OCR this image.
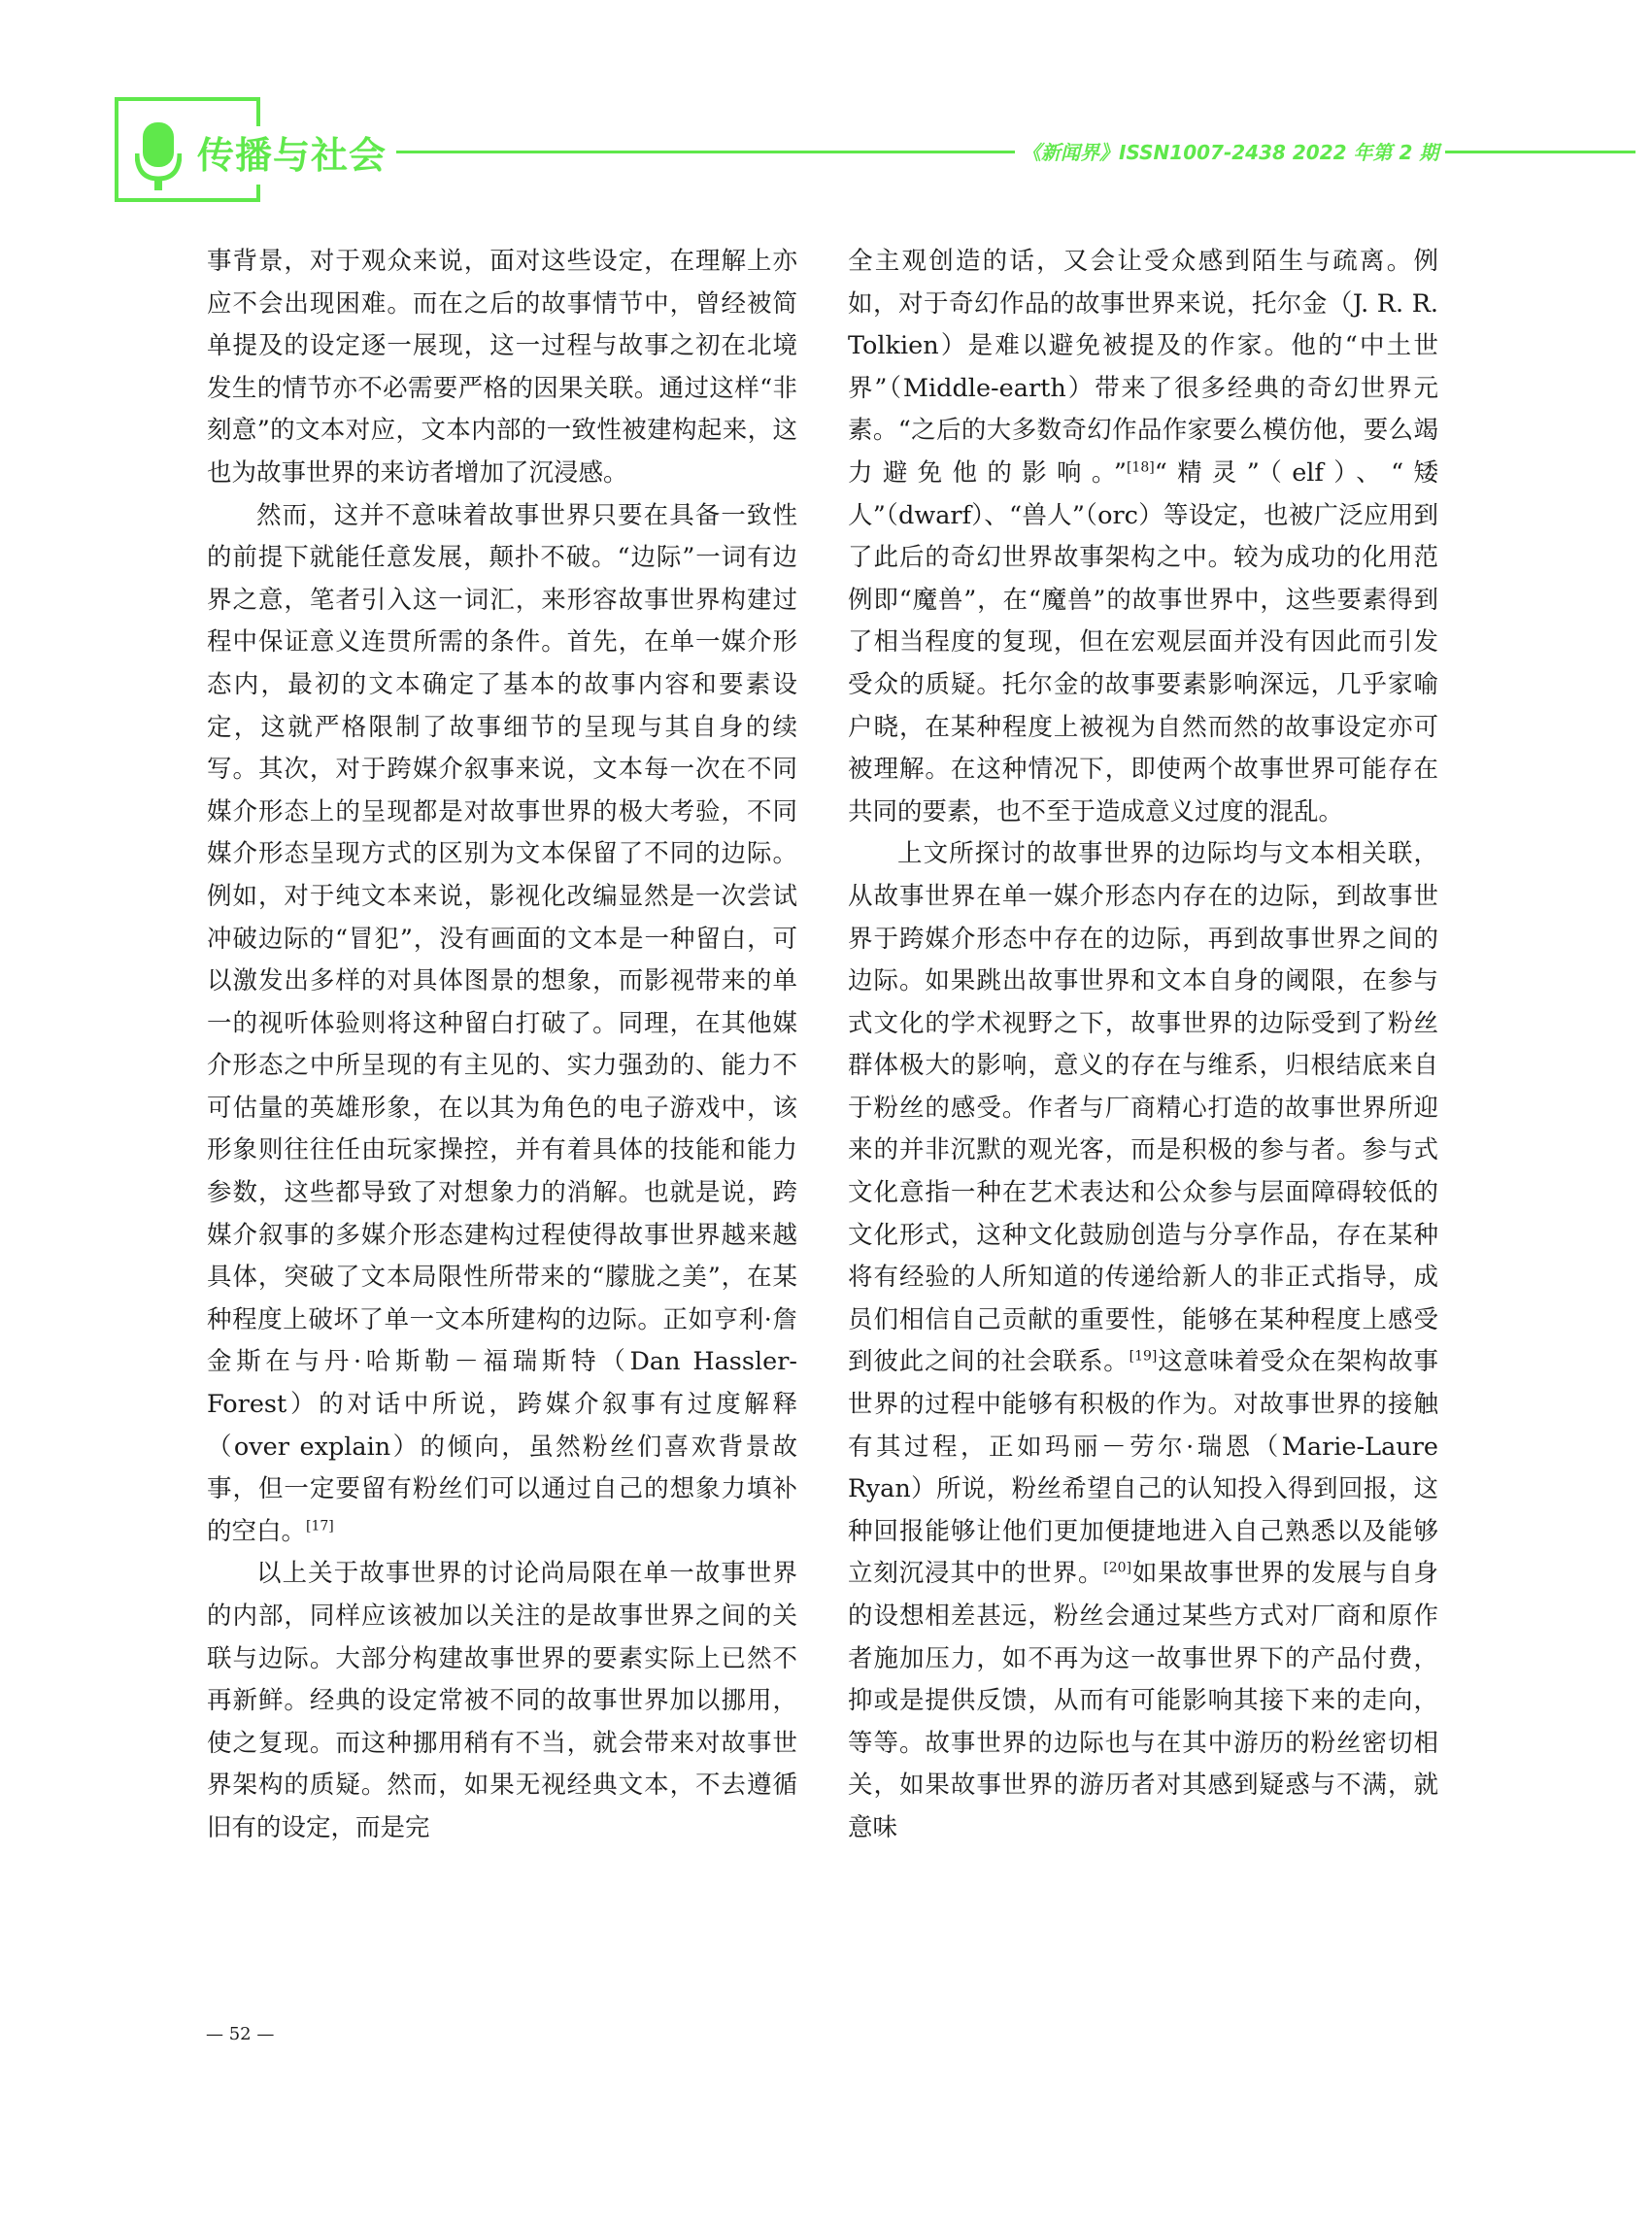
传播与社会	《新闻界》ISSN1007-2438 2022 年第 2 期

事背景，对于观众来说，面对这些设定，在理解上亦应不会出现困难。而在之后的故事情节中，曾经被简单提及的设定逐一展现，这一过程与故事之初在北境发生的情节亦不必需要严格的因果关联。通过这样“非刻意”的文本对应，文本内部的一致性被建构起来，这也为故事世界的来访者增加了沉浸感。

然而，这并不意味着故事世界只要在具备一致性的前提下就能任意发展，颠扑不破。“边际”一词有边界之意，笔者引入这一词汇，来形容故事世界构建过程中保证意义连贯所需的条件。首先，在单一媒介形态内，最初的文本确定了基本的故事内容和要素设定，这就严格限制了故事细节的呈现与其自身的续写。其次，对于跨媒介叙事来说，文本每一次在不同媒介形态上的呈现都是对故事世界的极大考验，不同媒介形态呈现方式的区别为文本保留了不同的边际。例如，对于纯文本来说，影视化改编显然是一次尝试冲破边际的“冒犯”，没有画面的文本是一种留白，可以激发出多样的对具体图景的想象，而影视带来的单一的视听体验则将这种留白打破了。同理，在其他媒介形态之中所呈现的有主见的、实力强劲的、能力不可估量的英雄形象，在以其为角色的电子游戏中，该形象则往往任由玩家操控，并有着具体的技能和能力参数，这些都导致了对想象力的消解。也就是说，跨媒介叙事的多媒介形态建构过程使得故事世界越来越具体，突破了文本局限性所带来的“朦胧之美”，在某种程度上破坏了单一文本所建构的边际。正如亨利·詹金斯在与丹·哈斯勒－福瑞斯特（Dan Hassler-Forest）的对话中所说，跨媒介叙事有过度解释（over explain）的倾向，虽然粉丝们喜欢背景故事，但一定要留有粉丝们可以通过自己的想象力填补的空白。[17]

以上关于故事世界的讨论尚局限在单一故事世界的内部，同样应该被加以关注的是故事世界之间的关联与边际。大部分构建故事世界的要素实际上已然不再新鲜。经典的设定常被不同的故事世界加以挪用，使之复现。而这种挪用稍有不当，就会带来对故事世界架构的质疑。然而，如果无视经典文本，不去遵循旧有的设定，而是完

全主观创造的话，又会让受众感到陌生与疏离。例如，对于奇幻作品的故事世界来说，托尔金（J. R. R. Tolkien）是难以避免被提及的作家。他的“中土世界”（Middle-earth）带来了很多经典的奇幻世界元素。“之后的大多数奇幻作品作家要么模仿他，要么竭力避免他的影响。”[18]“精灵”（elf）、“矮人”（dwarf）、“兽人”（orc）等设定，也被广泛应用到了此后的奇幻世界故事架构之中。较为成功的化用范例即“魔兽”，在“魔兽”的故事世界中，这些要素得到了相当程度的复现，但在宏观层面并没有因此而引发受众的质疑。托尔金的故事要素影响深远，几乎家喻户晓，在某种程度上被视为自然而然的故事设定亦可被理解。在这种情况下，即使两个故事世界可能存在共同的要素，也不至于造成意义过度的混乱。

上文所探讨的故事世界的边际均与文本相关联，从故事世界在单一媒介形态内存在的边际，到故事世界于跨媒介形态中存在的边际，再到故事世界之间的边际。如果跳出故事世界和文本自身的阈限，在参与式文化的学术视野之下，故事世界的边际受到了粉丝群体极大的影响，意义的存在与维系，归根结底来自于粉丝的感受。作者与厂商精心打造的故事世界所迎来的并非沉默的观光客，而是积极的参与者。参与式文化意指一种在艺术表达和公众参与层面障碍较低的文化形式，这种文化鼓励创造与分享作品，存在某种将有经验的人所知道的传递给新人的非正式指导，成员们相信自己贡献的重要性，能够在某种程度上感受到彼此之间的社会联系。[19]这意味着受众在架构故事世界的过程中能够有积极的作为。对故事世界的接触有其过程，正如玛丽－劳尔·瑞恩（Marie-Laure Ryan）所说，粉丝希望自己的认知投入得到回报，这种回报能够让他们更加便捷地进入自己熟悉以及能够立刻沉浸其中的世界。[20]如果故事世界的发展与自身的设想相差甚远，粉丝会通过某些方式对厂商和原作者施加压力，如不再为这一故事世界下的产品付费，抑或是提供反馈，从而有可能影响其接下来的走向，等等。故事世界的边际也与在其中游历的粉丝密切相关，如果故事世界的游历者对其感到疑惑与不满，就意味

— 52 —
